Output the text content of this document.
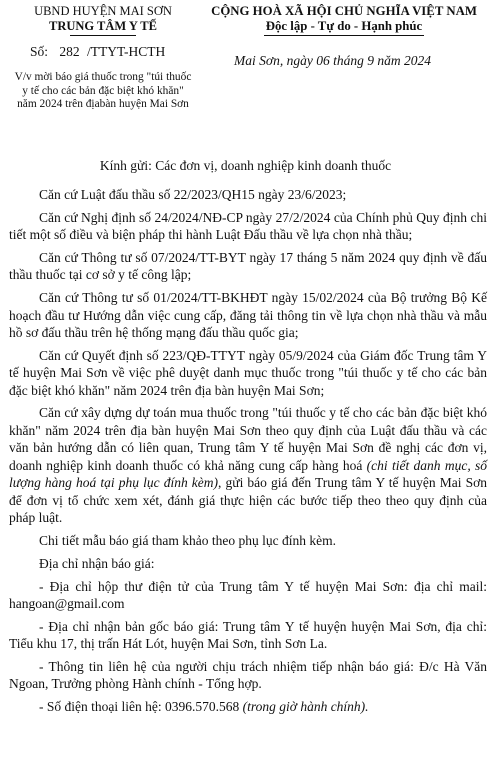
UBND HUYỆN MAI SƠN
TRUNG TÂM Y TẾ
CỘNG HOÀ XÃ HỘI CHỦ NGHĨA VIỆT NAM
Độc lập - Tự do - Hạnh phúc
Số: 282 /TTYT-HCTH
Mai Sơn, ngày 06 tháng 9 năm 2024
V/v mời báo giá thuốc trong "túi thuốc y tế cho các bản đặc biệt khó khăn" năm 2024 trên địabàn huyện Mai Sơn
Kính gửi: Các đơn vị, doanh nghiệp kinh doanh thuốc

Căn cứ Luật đấu thầu số 22/2023/QH15 ngày 23/6/2023;

Căn cứ Nghị định số 24/2024/NĐ-CP ngày 27/2/2024 của Chính phủ Quy định chi tiết một số điều và biện pháp thi hành Luật Đấu thầu về lựa chọn nhà thầu;

Căn cứ Thông tư số 07/2024/TT-BYT ngày 17 tháng 5 năm 2024 quy định về đấu thầu thuốc tại cơ sở y tế công lập;

Căn cứ Thông tư số 01/2024/TT-BKHĐT ngày 15/02/2024 của Bộ trưởng Bộ Kế hoạch đầu tư Hướng dẫn việc cung cấp, đăng tải thông tin về lựa chọn nhà thầu và mẫu hồ sơ đấu thầu trên hệ thống mạng đấu thầu quốc gia;

Căn cứ Quyết định số 223/QĐ-TTYT ngày 05/9/2024 của Giám đốc Trung tâm Y tế huyện Mai Sơn về việc phê duyệt danh mục thuốc trong "túi thuốc y tế cho các bản đặc biệt khó khăn" năm 2024 trên địa bàn huyện Mai Sơn;

Căn cứ xây dựng dự toán mua thuốc trong "túi thuốc y tế cho các bản đặc biệt khó khăn" năm 2024 trên địa bàn huyện Mai Sơn theo quy định của Luật đấu thầu và các văn bản hướng dẫn có liên quan, Trung tâm Y tế huyện Mai Sơn đề nghị các đơn vị, doanh nghiệp kinh doanh thuốc có khả năng cung cấp hàng hoá (chi tiết danh mục, số lượng hàng hoá tại phụ lục đính kèm), gửi báo giá đến Trung tâm Y tế huyện Mai Sơn để đơn vị tổ chức xem xét, đánh giá thực hiện các bước tiếp theo theo quy định của pháp luật.

Chi tiết mẫu báo giá tham khảo theo phụ lục đính kèm.

Địa chỉ nhận báo giá:

- Địa chỉ hộp thư điện tử của Trung tâm Y tế huyện Mai Sơn: địa chỉ mail: hangoan@gmail.com

- Địa chỉ nhận bản gốc báo giá: Trung tâm Y tế huyện huyện Mai Sơn, địa chỉ: Tiểu khu 17, thị trấn Hát Lót, huyện Mai Sơn, tỉnh Sơn La.

- Thông tin liên hệ của người chịu trách nhiệm tiếp nhận báo giá: Đ/c Hà Văn Ngoan, Trưởng phòng Hành chính - Tổng hợp.

- Số điện thoại liên hệ: 0396.570.568 (trong giờ hành chính).
